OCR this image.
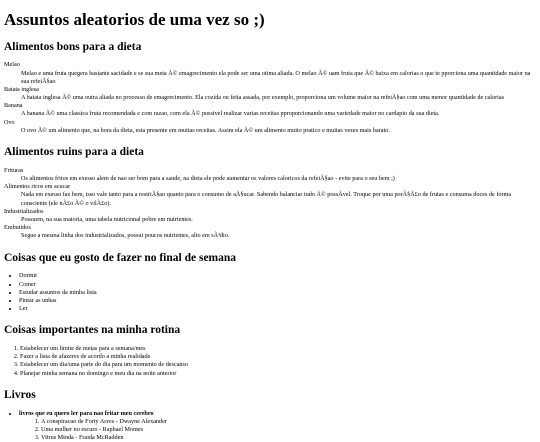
Assuntos aleatorios de uma vez so ;)
Alimentos bons para a dieta
Melao
Melao e uma fruta quegera bastante sacidade e se sua meta Ã© emagrecimento ela pode ser uma otima aliada. O melao Ã© uam fruta que Ã© baixa em calorias o que te pporciona uma quantidade maior na sua refeiÃ§ao
Batata inglesa
A batata inglesa Ã© uma outra aliada no processo de emagrecimento. Ela cozida ou feita assada, por exemplo, proporciona um volume maior na refeiÃ§ao com uma menor quantidade de calorias
Banana
A banana Ã© uma classica fruta recomendada e com razao, com ela Ã© possivel realizar varias receitas pproporcionando uma variedade maior no cardapio da sua dieta.
Ovo
O ovo Ã© um alimento que, na hora da dieta, esta presente em muitas receitas. Assim ela Ã© um alimento muito pratico e muitas vezes mais barato.
Alimentos ruins para a dieta
Frituras
Os alimentos fritos em exesso alem de nao ser bom para a saude, na dieta ele pode aumentar os valores caloricos da refeiÃ§ao - evite para o seu bem ;)
Alimentos ricos em acucar
Nada em exesso faz bem, isso vale tanto para a restriÃ§ao quanto para o consumo de aÃ§ucar. Sabendo balanciar tudo Ã© possÃvel. Troque por uma porÃ§Ã£o de frutas e consuma doces de forma consciente (ele nÃ£o Ã© o vilÃ£o).
Industrializados
Possuem, na sua maioria, uma tabela nutricional pobre em nutrientes.
Embutidos
Segue a mesma linha dos industrializados, possui poucos nutrientes, alto em sÃ³dio.
Coisas que eu gosto de fazer no final de semana
• Dormir
• Comer
• Estudar assuntos da minha lista
• Pintar as unhas
• Ler
Coisas importantes na minha rotina
1. Estabelecer um limite de metas para a semana/mes
2. Fazer a lista de afazeres de acordo a minha realidade
3. Estabelecer um dia/uma parte do dia para um momento de descanso
4. Planejar minha semana no domingo e meu dia na noite anterior
Livros
• livros que eu quero ler para nao fritar meu cerebro
1. A conspiracao de Forty Acres - Dwayne Alexander
2. Uma mulher no escuro - Raphael Montes
3. Vitrus Minda - Fraida McRadden
